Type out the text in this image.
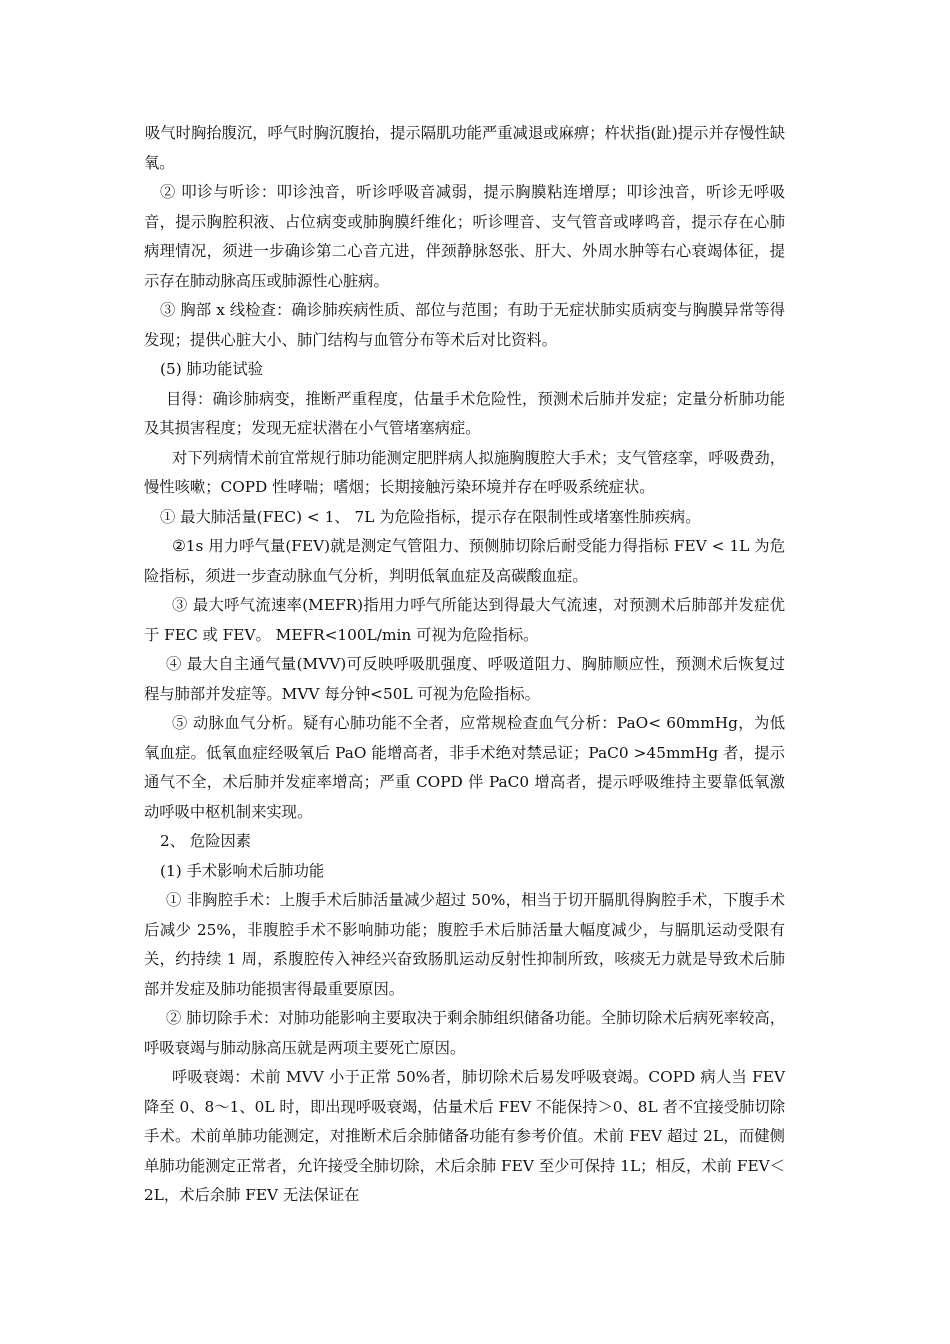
吸气时胸抬腹沉，呼气时胸沉腹抬，提示隔肌功能严重减退或麻痹；杵状指(趾)提示并存慢性缺氧。

② 叩诊与听诊：叩诊浊音，听诊呼吸音减弱，提示胸膜粘连增厚；叩诊浊音，听诊无呼吸音，提示胸腔积液、占位病变或肺胸膜纤维化；听诊哩音、支气管音或哮鸣音，提示存在心肺病理情况，须进一步确诊第二心音亢进，伴颈静脉怒张、肝大、外周水肿等右心衰竭体征，提示存在肺动脉高压或肺源性心脏病。

③ 胸部 x 线检查：确诊肺疾病性质、部位与范围；有助于无症状肺实质病变与胸膜异常等得发现；提供心脏大小、肺门结构与血管分布等术后对比资料。

(5) 肺功能试验

目得：确诊肺病变，推断严重程度，估量手术危险性，预测术后肺并发症；定量分析肺功能及其损害程度；发现无症状潜在小气管堵塞病症。

对下列病情术前宜常规行肺功能测定肥胖病人拟施胸腹腔大手术；支气管痉挛，呼吸费劲，慢性咳嗽；COPD 性哮喘；嗜烟；长期接触污染环境并存在呼吸系统症状。

① 最大肺活量(FEC) < 1、 7L 为危险指标，提示存在限制性或堵塞性肺疾病。

②1s 用力呼气量(FEV)就是测定气管阻力、预侧肺切除后耐受能力得指标 FEV < 1L 为危险指标，须进一步查动脉血气分析，判明低氧血症及高碳酸血症。

③ 最大呼气流速率(MEFR)指用力呼气所能达到得最大气流速，对预测术后肺部并发症优于 FEC 或 FEV。 MEFR<100L/min 可视为危险指标。

④ 最大自主通气量(MVV)可反映呼吸肌强度、呼吸道阻力、胸肺顺应性，预测术后恢复过程与肺部并发症等。MVV 每分钟<50L 可视为危险指标。

⑤ 动脉血气分析。疑有心肺功能不全者，应常规检查血气分析：PaO< 60mmHg，为低氧血症。低氧血症经吸氧后 PaO 能增高者，非手术绝对禁忌证；PaC0 >45mmHg 者，提示通气不全，术后肺并发症率增高；严重 COPD 伴 PaC0 增高者，提示呼吸维持主要靠低氧激动呼吸中枢机制来实现。

2、 危险因素

(1) 手术影响术后肺功能

① 非胸腔手术：上腹手术后肺活量减少超过 50%，相当于切开膈肌得胸腔手术，下腹手术后减少 25%，非腹腔手术不影响肺功能；腹腔手术后肺活量大幅度减少，与膈肌运动受限有关，约持续 1 周，系腹腔传入神经兴奋致肠肌运动反射性抑制所致，咳痰无力就是导致术后肺部并发症及肺功能损害得最重要原因。

② 肺切除手术：对肺功能影响主要取决于剩余肺组织储备功能。全肺切除术后病死率较高，呼吸衰竭与肺动脉高压就是两项主要死亡原因。

呼吸衰竭：术前 MVV 小于正常 50%者，肺切除术后易发呼吸衰竭。COPD 病人当 FEV 降至 0、8～1、0L 时，即出现呼吸衰竭，估量术后 FEV 不能保持＞0、8L 者不宜接受肺切除手术。术前单肺功能测定，对推断术后余肺储备功能有参考价值。术前 FEV 超过 2L，而健侧单肺功能测定正常者，允许接受全肺切除，术后余肺 FEV 至少可保持 1L；相反，术前 FEV＜2L，术后余肺 FEV 无法保证在
